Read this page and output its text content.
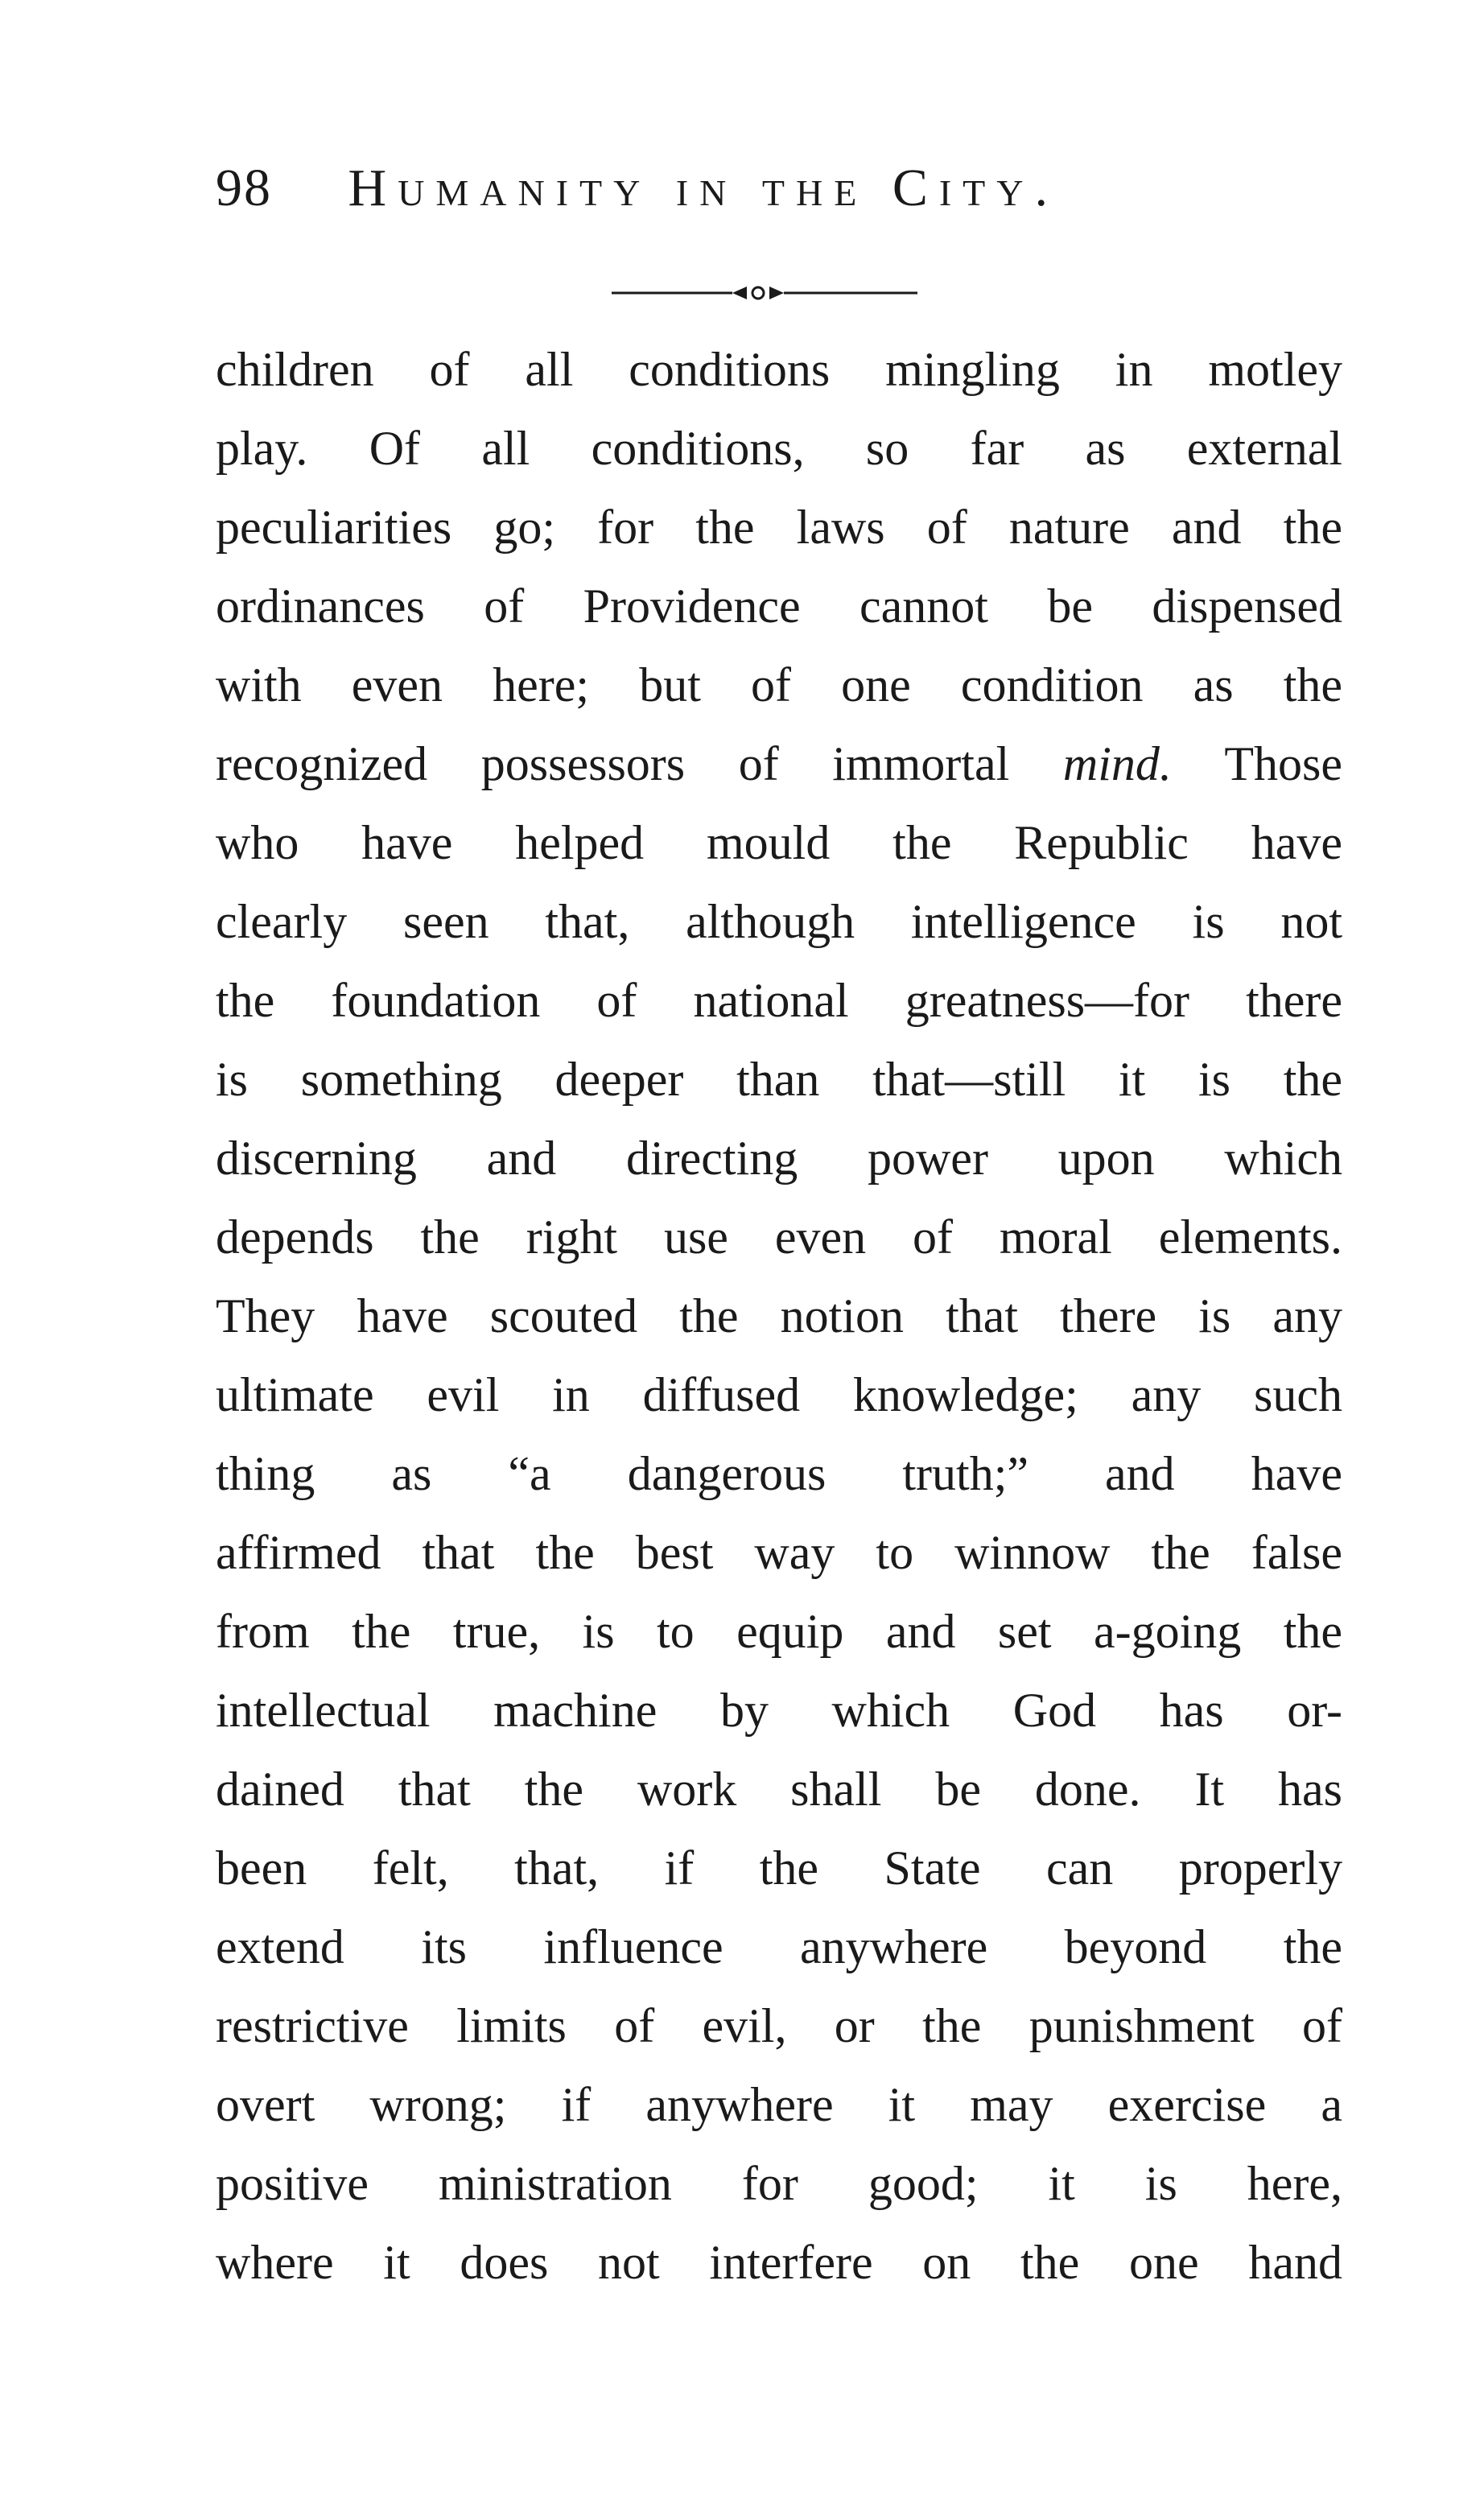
98 Humanity in the City.
children of all conditions mingling in motley
play. Of all conditions, so far as external
peculiarities go; for the laws of nature and the
ordinances of Providence cannot be dispensed
with even here; but of one condition as the
recognized possessors of immortal mind. Those
who have helped mould the Republic have
clearly seen that, although intelligence is not
the foundation of national greatness—for there
is something deeper than that—still it is the
discerning and directing power upon which
depends the right use even of moral elements.
They have scouted the notion that there is any
ultimate evil in diffused knowledge; any such
thing as “a dangerous truth;” and have
affirmed that the best way to winnow the false
from the true, is to equip and set a-going the
intellectual machine by which God has or-
dained that the work shall be done. It has
been felt, that, if the State can properly
extend its influence anywhere beyond the
restrictive limits of evil, or the punishment of
overt wrong; if anywhere it may exercise a
positive ministration for good; it is here,
where it does not interfere on the one hand
